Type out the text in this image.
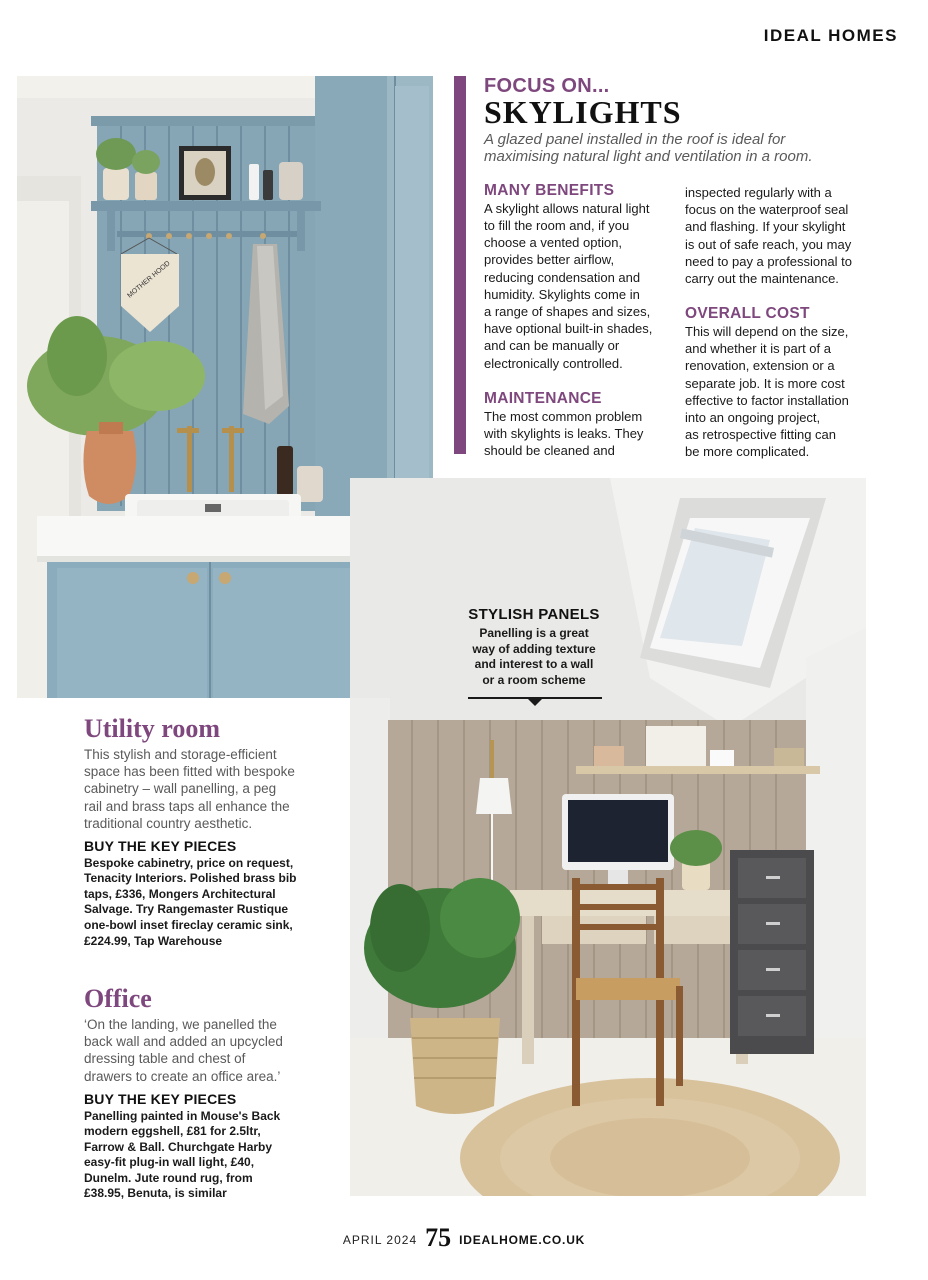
IDEAL HOMES
MOTHER HOOD
FOCUS ON...
SKYLIGHTS
A glazed panel installed in the roof is ideal for maximising natural light and ventilation in a room.
MANY BENEFITS
A skylight allows natural light
to fill the room and, if you
choose a vented option,
provides better airflow,
reducing condensation and
humidity. Skylights come in
a range of shapes and sizes,
have optional built-in shades,
and can be manually or
electronically controlled.
MAINTENANCE
The most common problem
with skylights is leaks. They
should be cleaned and
inspected regularly with a
focus on the waterproof seal
and flashing. If your skylight
is out of safe reach, you may
need to pay a professional to
carry out the maintenance.
OVERALL COST
This will depend on the size,
and whether it is part of a
renovation, extension or a
separate job. It is more cost
effective to factor installation
into an ongoing project,
as retrospective fitting can
be more complicated.
STYLISH PANELS
Panelling is a great
way of adding texture
and interest to a wall
or a room scheme
Utility room
This stylish and storage-efficient
space has been fitted with bespoke
cabinetry – wall panelling, a peg
rail and brass taps all enhance the
traditional country aesthetic.
BUY THE KEY PIECES
Bespoke cabinetry, price on request,
Tenacity Interiors. Polished brass bib
taps, £336, Mongers Architectural
Salvage. Try Rangemaster Rustique
one-bowl inset fireclay ceramic sink,
£224.99, Tap Warehouse
Office
‘On the landing, we panelled the
back wall and added an upcycled
dressing table and chest of
drawers to create an office area.’
BUY THE KEY PIECES
Panelling painted in Mouse's Back
modern eggshell, £81 for 2.5ltr,
Farrow & Ball. Churchgate Harby
easy-fit plug-in wall light, £40,
Dunelm. Jute round rug, from
£38.95, Benuta, is similar
APRIL 2024 75 IDEALHOME.CO.UK
